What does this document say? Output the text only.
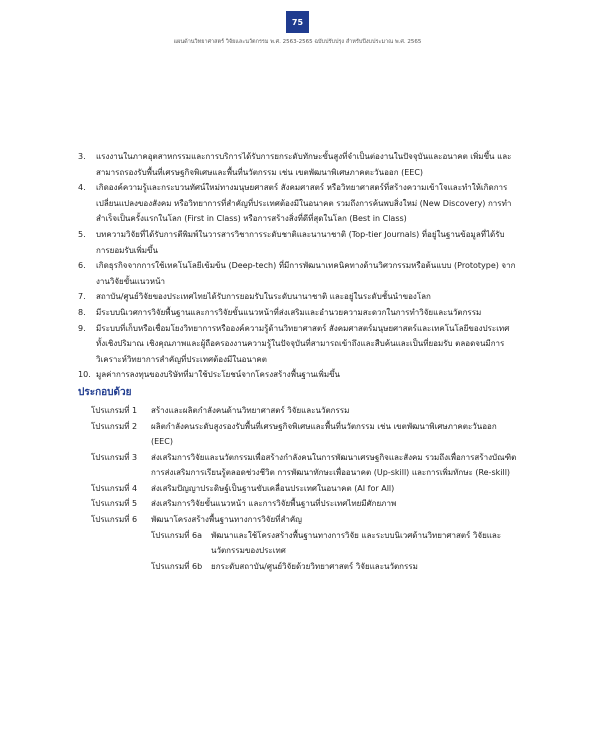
75
แผนด้านวิทยาศาสตร์ วิจัยและนวัตกรรม พ.ศ. 2563-2565 ฉบับปรับปรุง สำหรับปีงบประมาณ พ.ศ. 2565
3.	แรงงานในภาคอุตสาหกรรมและการบริการได้รับการยกระดับทักษะขั้นสูงที่จำเป็นต่องานในปัจจุบันและอนาคต เพิ่มขึ้น และสามารถรองรับพื้นที่เศรษฐกิจพิเศษและพื้นที่นวัตกรรม เช่น เขตพัฒนาพิเศษภาคตะวันออก (EEC)
4.	เกิดองค์ความรู้และกระบวนทัศน์ใหม่ทางมนุษยศาสตร์ สังคมศาสตร์ หรือวิทยาศาสตร์ที่สร้างความเข้าใจและทำให้เกิดการเปลี่ยนแปลงของสังคม หรือวิทยาการที่สำคัญที่ประเทศต้องมีในอนาคต รวมถึงการค้นพบสิ่งใหม่ (New Discovery) การทำสำเร็จเป็นครั้งแรกในโลก (First in Class) หรือการสร้างสิ่งที่ดีที่สุดในโลก (Best in Class)
5.	บทความวิจัยที่ได้รับการตีพิมพ์ในวารสารวิชาการระดับชาติและนานาชาติ (Top-tier Journals) ที่อยู่ในฐานข้อมูลที่ได้รับการยอมรับเพิ่มขึ้น
6.	เกิดธุรกิจจากการใช้เทคโนโลยีเข้มข้น (Deep-tech) ที่มีการพัฒนาเทคนิคทางด้านวิศวกรรมหรือต้นแบบ (Prototype) จากงานวิจัยขั้นแนวหน้า
7.	สถาบัน/ศูนย์วิจัยของประเทศไทยได้รับการยอมรับในระดับนานาชาติ และอยู่ในระดับชั้นนำของโลก
8.	มีระบบนิเวศการวิจัยพื้นฐานและการวิจัยขั้นแนวหน้าที่ส่งเสริมและอำนวยความสะดวกในการทำวิจัยและนวัตกรรม
9.	มีระบบที่เก็บหรือเชื่อมโยงวิทยาการหรือองค์ความรู้ด้านวิทยาศาสตร์ สังคมศาสตร์มนุษยศาสตร์และเทคโนโลยีของประเทศ ทั้งเชิงปริมาณ เชิงคุณภาพและผู้ถือครองงานความรู้ในปัจจุบันที่สามารถเข้าถึงและสืบค้นและเป็นที่ยอมรับ ตลอดจนมีการวิเคราะห์วิทยาการสำคัญที่ประเทศต้องมีในอนาคต
10. มูลค่าการลงทุนของบริษัทที่มาใช้ประโยชน์จากโครงสร้างพื้นฐานเพิ่มขึ้น
ประกอบด้วย
โปรแกรมที่ 1	สร้างและผลิตกำลังคนด้านวิทยาศาสตร์ วิจัยและนวัตกรรม
โปรแกรมที่ 2	ผลิตกำลังคนระดับสูงรองรับพื้นที่เศรษฐกิจพิเศษและพื้นที่นวัตกรรม เช่น เขตพัฒนาพิเศษภาคตะวันออก (EEC)
โปรแกรมที่ 3	ส่งเสริมการวิจัยและนวัตกรรมเพื่อสร้างกำลังคนในการพัฒนาเศรษฐกิจและสังคม รวมถึงเพื่อการสร้างบัณฑิต การส่งเสริมการเรียนรู้ตลอดช่วงชีวิต การพัฒนาทักษะเพื่ออนาคต (Up-skill) และการเพิ่มทักษะ (Re-skill)
โปรแกรมที่ 4	ส่งเสริมปัญญาประดิษฐ์เป็นฐานขับเคลื่อนประเทศในอนาคต (AI for All)
โปรแกรมที่ 5	ส่งเสริมการวิจัยขั้นแนวหน้า และการวิจัยพื้นฐานที่ประเทศไทยมีศักยภาพ
โปรแกรมที่ 6	พัฒนาโครงสร้างพื้นฐานทางการวิจัยที่สำคัญ
โปรแกรมที่ 6a	พัฒนาและใช้โครงสร้างพื้นฐานทางการวิจัย และระบบนิเวศด้านวิทยาศาสตร์ วิจัยและนวัตกรรมของประเทศ
โปรแกรมที่ 6b	ยกระดับสถาบัน/ศูนย์วิจัยด้วยวิทยาศาสตร์ วิจัยและนวัตกรรม
